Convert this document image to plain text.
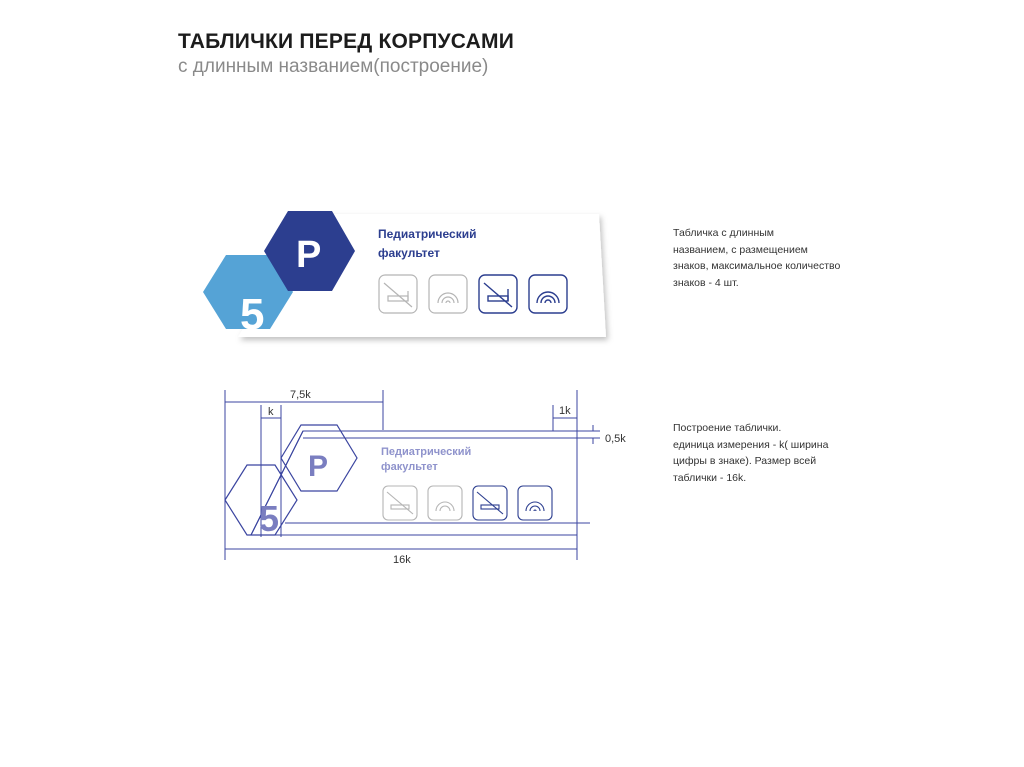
ТАБЛИЧКИ ПЕРЕД КОРПУСАМИ
с длинным названием(построение)
5
P	Педиатрический
факультет
Табличка с длинным
названием, с размещением
знаков, максимальное количество
знаков - 4 шт.
P
5
Педиатрический
факультет
7,5k
k	1k
0,5k
16k
Построение таблички.
единица измерения - k( ширина
цифры в знаке). Размер всей
таблички - 16k.
